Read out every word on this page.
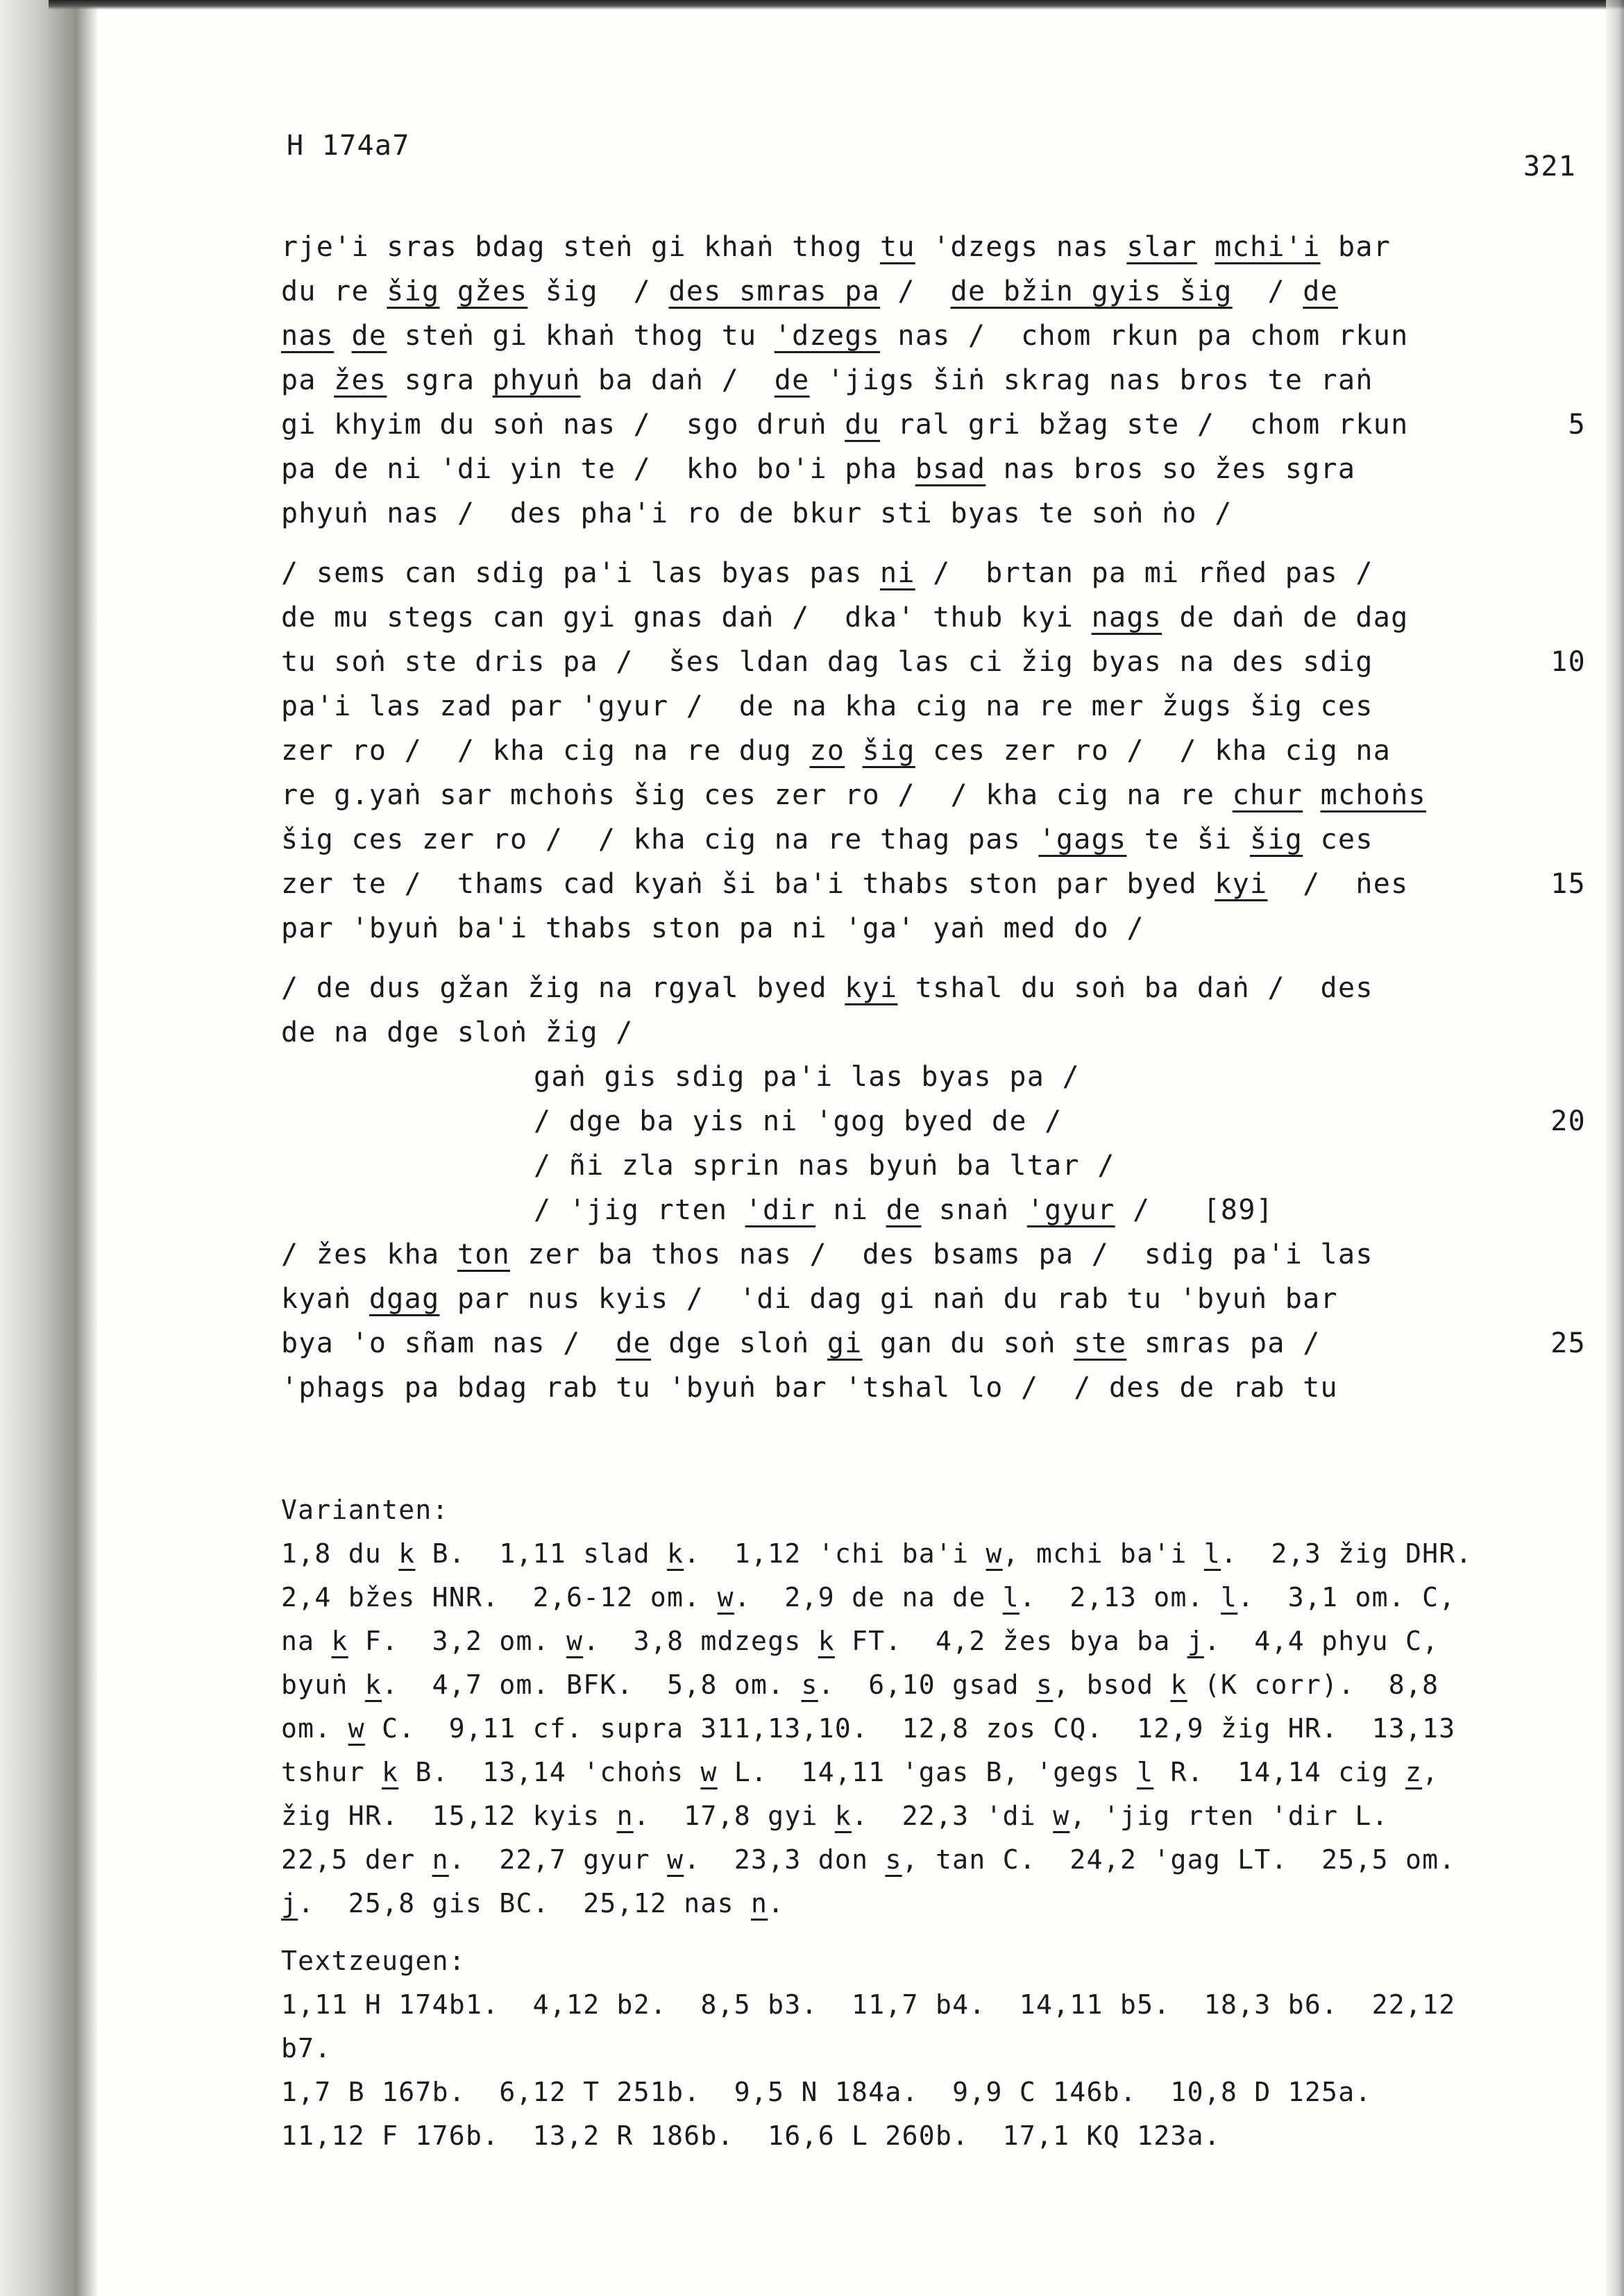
H 174a7
321
rje'i sras bdag steṅ gi khaṅ thog tu 'dzegs nas slar mchi'i bar
du re šig gžes šig  / des smras pa /  de bžin gyis šig  / de
nas de steṅ gi khaṅ thog tu 'dzegs nas /  chom rkun pa chom rkun
pa žes sgra phyuṅ ba daṅ /  de 'jigs šiṅ skrag nas bros te raṅ
gi khyim du soṅ nas /  sgo druṅ du ral gri bžag ste /  chom rkun	5
pa de ni 'di yin te /  kho bo'i pha bsad nas bros so žes sgra
phyuṅ nas /  des pha'i ro de bkur sti byas te soṅ ṅo /
/ sems can sdig pa'i las byas pas ni /  brtan pa mi rñed pas /
de mu stegs can gyi gnas daṅ /  dka' thub kyi nags de daṅ de dag
tu soṅ ste dris pa /  šes ldan dag las ci žig byas na des sdig	10
pa'i las zad par 'gyur /  de na kha cig na re mer žugs šig ces
zer ro /  / kha cig na re dug zo šig ces zer ro /  / kha cig na
re g.yaṅ sar mchoṅs šig ces zer ro /  / kha cig na re chur mchoṅs
šig ces zer ro /  / kha cig na re thag pas 'gags te ši šig ces
zer te /  thams cad kyaṅ ši ba'i thabs ston par byed kyi  /  ṅes	15
par 'byuṅ ba'i thabs ston pa ni 'ga' yaṅ med do /
/ de dus gžan žig na rgyal byed kyi tshal du soṅ ba daṅ /  des
de na dge sloṅ žig /
gaṅ gis sdig pa'i las byas pa /
/ dge ba yis ni 'gog byed de /	20
/ ñi zla sprin nas byuṅ ba ltar /
/ 'jig rten 'dir ni de snaṅ 'gyur /   [89]
/ žes kha ton zer ba thos nas /  des bsams pa /  sdig pa'i las
kyaṅ dgag par nus kyis /  'di dag gi naṅ du rab tu 'byuṅ bar
bya 'o sñam nas /  de dge sloṅ gi gan du soṅ ste smras pa /	25
'phags pa bdag rab tu 'byuṅ bar 'tshal lo /  / des de rab tu
Varianten:
1,8 du k B.  1,11 slad k.  1,12 'chi ba'i w, mchi ba'i l.  2,3 žig DHR.
2,4 bžes HNR.  2,6-12 om. w.  2,9 de na de l.  2,13 om. l.  3,1 om. C,
na k F.  3,2 om. w.  3,8 mdzegs k FT.  4,2 žes bya ba j.  4,4 phyu C,
byuṅ k.  4,7 om. BFK.  5,8 om. s.  6,10 gsad s, bsod k (K corr).  8,8
om. w C.  9,11 cf. supra 311,13,10.  12,8 zos CQ.  12,9 žig HR.  13,13
tshur k B.  13,14 'choṅs w L.  14,11 'gas B, 'gegs l R.  14,14 cig z,
žig HR.  15,12 kyis n.  17,8 gyi k.  22,3 'di w, 'jig rten 'dir L.
22,5 der n.  22,7 gyur w.  23,3 don s, tan C.  24,2 'gag LT.  25,5 om.
j.  25,8 gis BC.  25,12 nas n.
Textzeugen:
1,11 H 174b1.  4,12 b2.  8,5 b3.  11,7 b4.  14,11 b5.  18,3 b6.  22,12
b7.
1,7 B 167b.  6,12 T 251b.  9,5 N 184a.  9,9 C 146b.  10,8 D 125a.
11,12 F 176b.  13,2 R 186b.  16,6 L 260b.  17,1 KQ 123a.
